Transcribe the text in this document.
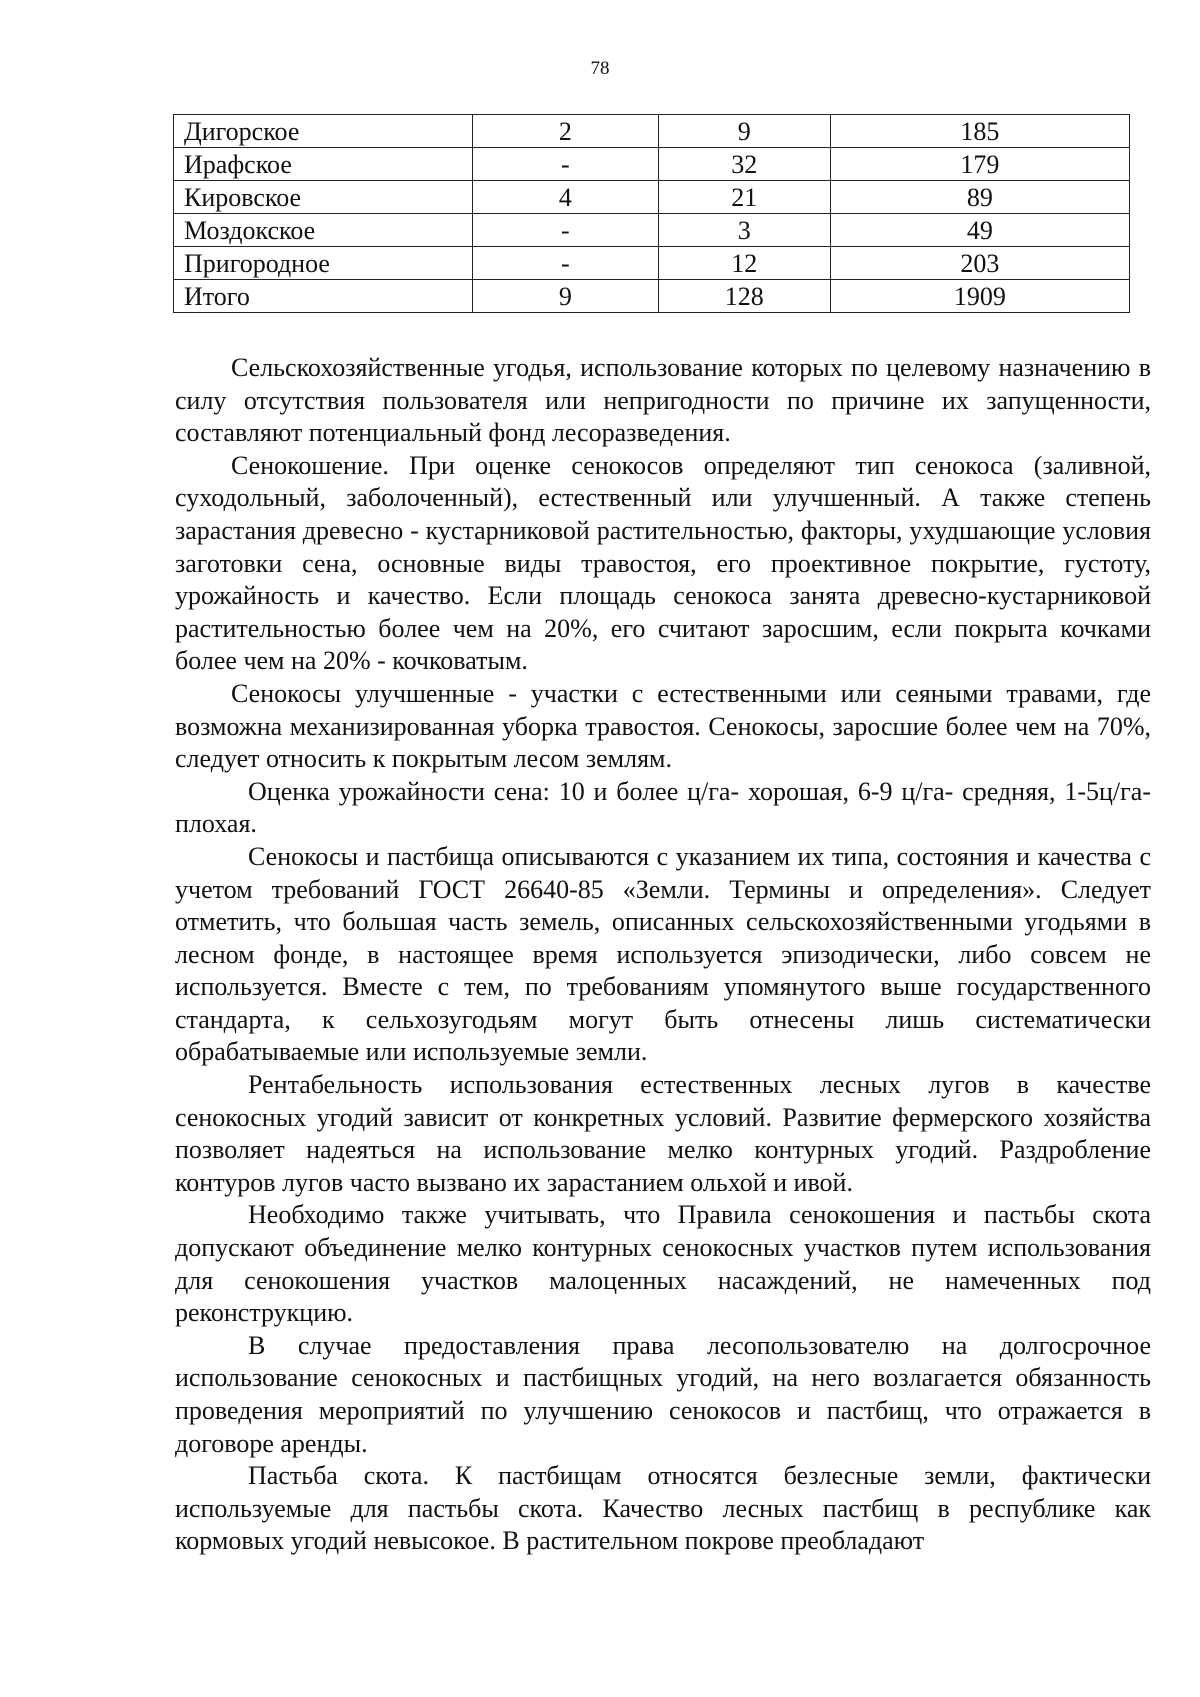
78
Дигорское	2	9	185
Ирафское	-	32	179
Кировское	4	21	89
Моздокское	-	3	49
Пригородное	-	12	203
Итого	9	128	1909

Сельскохозяйственные угодья, использование которых по целевому назначению в силу отсутствия пользователя или непригодности по причине их запущенности, составляют потенциальный фонд лесоразведения.

Сенокошение. При оценке сенокосов определяют тип сенокоса (заливной, суходольный, заболоченный), естественный или улучшенный. А также степень зарастания древесно - кустарниковой растительностью, факторы, ухудшающие условия заготовки сена, основные виды травостоя, его проективное покрытие, густоту, урожайность и качество. Если площадь сенокоса занята древесно-кустарниковой растительностью более чем на 20%, его считают заросшим, если покрыта кочками более чем на 20% - кочковатым.

Сенокосы улучшенные - участки с естественными или сеяными травами, где возможна механизированная уборка травостоя. Сенокосы, заросшие более чем на 70%, следует относить к покрытым лесом землям.

Оценка урожайности сена: 10 и более ц/га- хорошая, 6-9 ц/га- средняя, 1-5ц/га- плохая.

Сенокосы и пастбища описываются с указанием их типа, состояния и качества с учетом требований ГОСТ 26640-85 «Земли. Термины и определения». Следует отметить, что большая часть земель, описанных сельскохозяйственными угодьями в лесном фонде, в настоящее время используется эпизодически, либо совсем не используется. Вместе с тем, по требованиям упомянутого выше государственного стандарта, к сельхозугодьям могут быть отнесены лишь систематически обрабатываемые или используемые земли.

Рентабельность использования естественных лесных лугов в качестве сенокосных угодий зависит от конкретных условий. Развитие фермерского хозяйства позволяет надеяться на использование мелко контурных угодий. Раздробление контуров лугов часто вызвано их зарастанием ольхой и ивой.

Необходимо также учитывать, что Правила сенокошения и пастьбы скота допускают объединение мелко контурных сенокосных участков путем использования для сенокошения участков малоценных насаждений, не намеченных под реконструкцию.

В случае предоставления права лесопользователю на долгосрочное использование сенокосных и пастбищных угодий, на него возлагается обязанность проведения мероприятий по улучшению сенокосов и пастбищ, что отражается в договоре аренды.

Пастьба скота. К пастбищам относятся безлесные земли, фактически используемые для пастьбы скота. Качество лесных пастбищ в республике как кормовых угодий невысокое. В растительном покрове преобладают
